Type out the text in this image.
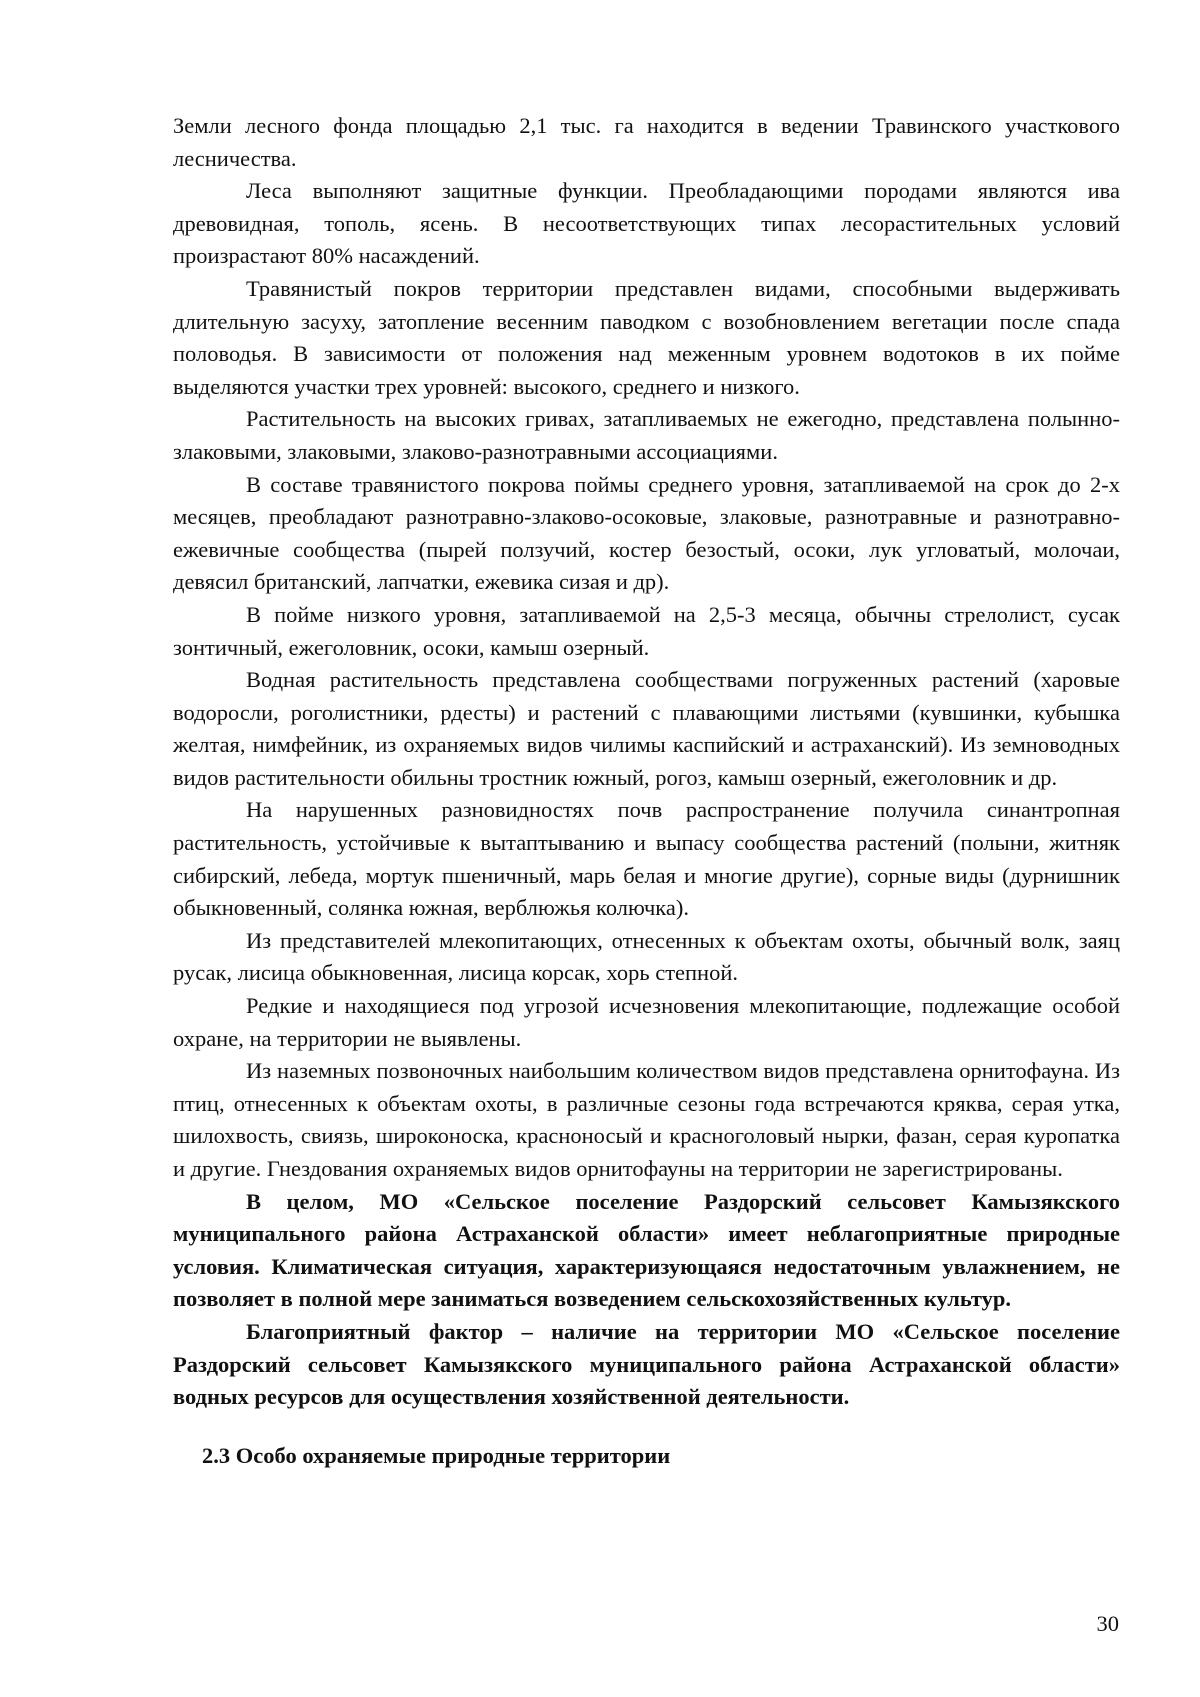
Земли лесного фонда площадью 2,1 тыс. га находится в ведении Травинского участкового лесничества.

Леса выполняют защитные функции. Преобладающими породами являются ива древовидная, тополь, ясень. В несоответствующих типах лесорастительных условий произрастают 80% насаждений.

Травянистый покров территории представлен видами, способными выдерживать длительную засуху, затопление весенним паводком с возобновлением вегетации после спада половодья. В зависимости от положения над меженным уровнем водотоков в их пойме выделяются участки трех уровней: высокого, среднего и низкого.

Растительность на высоких гривах, затапливаемых не ежегодно, представлена полынно-злаковыми, злаковыми, злаково-разнотравными ассоциациями.

В составе травянистого покрова поймы среднего уровня, затапливаемой на срок до 2-х месяцев, преобладают разнотравно-злаково-осоковые, злаковые, разнотравные и разнотравно-ежевичные сообщества (пырей ползучий, костер безостый, осоки, лук угловатый, молочаи, девясил британский, лапчатки, ежевика сизая и др).

В пойме низкого уровня, затапливаемой на 2,5-3 месяца, обычны стрелолист, сусак зонтичный, ежеголовник, осоки, камыш озерный.

Водная растительность представлена сообществами погруженных растений (харовые водоросли, роголистники, рдесты) и растений с плавающими листьями (кувшинки, кубышка желтая, нимфейник, из охраняемых видов чилимы каспийский и астраханский). Из земноводных видов растительности обильны тростник южный, рогоз, камыш озерный, ежеголовник и др.

На нарушенных разновидностях почв распространение получила синантропная растительность, устойчивые к вытаптыванию и выпасу сообщества растений (полыни, житняк сибирский, лебеда, мортук пшеничный, марь белая и многие другие), сорные виды (дурнишник обыкновенный, солянка южная, верблюжья колючка).

Из представителей млекопитающих, отнесенных к объектам охоты, обычный волк, заяц русак, лисица обыкновенная, лисица корсак, хорь степной.

Редкие и находящиеся под угрозой исчезновения млекопитающие, подлежащие особой охране, на территории не выявлены.

Из наземных позвоночных наибольшим количеством видов представлена орнитофауна. Из птиц, отнесенных к объектам охоты, в различные сезоны года встречаются кряква, серая утка, шилохвость, свиязь, широконоска, красноносый и красноголовый нырки, фазан, серая куропатка и другие. Гнездования охраняемых видов орнитофауны на территории не зарегистрированы.

В целом, МО «Сельское поселение Раздорский сельсовет Камызякского муниципального района Астраханской области» имеет неблагоприятные природные условия. Климатическая ситуация, характеризующаяся недостаточным увлажнением, не позволяет в полной мере заниматься возведением сельскохозяйственных культур.

Благоприятный фактор – наличие на территории МО «Сельское поселение Раздорский сельсовет Камызякского муниципального района Астраханской области» водных ресурсов для осуществления хозяйственной деятельности.

2.3 Особо охраняемые природные территории

30
